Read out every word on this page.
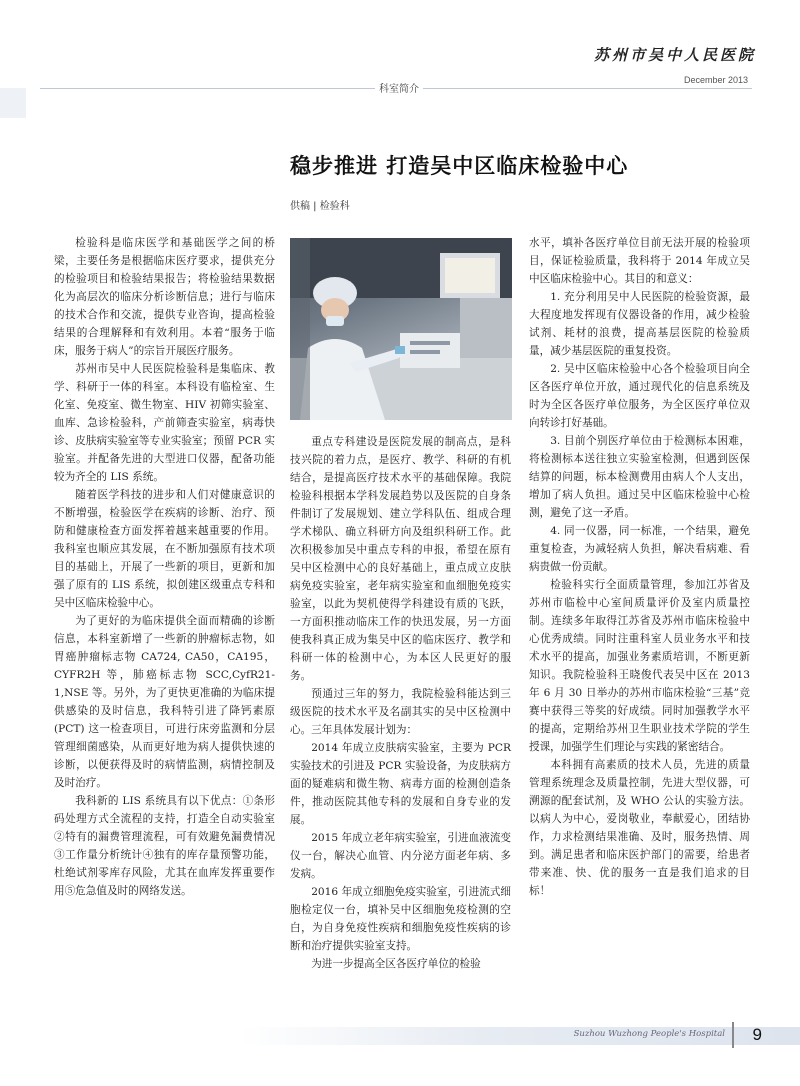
苏州市吴中人民医院
December 2013
科室简介
稳步推进 打造吴中区临床检验中心
供稿 | 检验科

检验科是临床医学和基础医学之间的桥梁，主要任务是根据临床医疗要求，提供充分的检验项目和检验结果报告；将检验结果数据化为高层次的临床分析诊断信息；进行与临床的技术合作和交流，提供专业咨询，提高检验结果的合理解释和有效利用。本着“服务于临床，服务于病人”的宗旨开展医疗服务。

苏州市吴中人民医院检验科是集临床、教学、科研于一体的科室。本科设有临检室、生化室、免疫室、微生物室、HIV 初筛实验室、血库、急诊检验科，产前筛查实验室，病毒快诊、皮肤病实验室等专业实验室；预留 PCR 实验室。并配备先进的大型进口仪器，配备功能较为齐全的 LIS 系统。

随着医学科技的进步和人们对健康意识的不断增强，检验医学在疾病的诊断、治疗、预防和健康检查方面发挥着越来越重要的作用。我科室也顺应其发展，在不断加强原有技术项目的基础上，开展了一些新的项目，更新和加强了原有的 LIS 系统，拟创建区级重点专科和吴中区临床检验中心。

为了更好的为临床提供全面而精确的诊断信息，本科室新增了一些新的肿瘤标志物，如胃癌肿瘤标志物 CA724, CA50，CA195，CYFR2H 等，肺癌标志物 SCC,CyfR21-1,NSE 等。另外，为了更快更准确的为临床提供感染的及时信息，我科特引进了降钙素原 (PCT) 这一检查项目，可进行床旁监测和分层管理细菌感染，从而更好地为病人提供快速的诊断，以便获得及时的病情监测，病情控制及及时治疗。

我科新的 LIS 系统具有以下优点：①条形码处理方式全流程的支持，打造全自动实验室②特有的漏费管理流程，可有效避免漏费情况③工作量分析统计④独有的库存量预警功能，杜绝试剂零库存风险，尤其在血库发挥重要作用⑤危急值及时的网络发送。

重点专科建设是医院发展的制高点，是科技兴院的着力点，是医疗、教学、科研的有机结合，是提高医疗技术水平的基础保障。我院检验科根据本学科发展趋势以及医院的自身条件制订了发展规划、建立学科队伍、组成合理学术梯队、确立科研方向及组织科研工作。此次积极参加吴中重点专科的申报，希望在原有吴中区检测中心的良好基础上，重点成立皮肤病免疫实验室，老年病实验室和血细胞免疫实验室，以此为契机使得学科建设有质的飞跃，一方面积推动临床工作的快迅发展，另一方面使我科真正成为集吴中区的临床医疗、教学和科研一体的检测中心，为本区人民更好的服务。

预通过三年的努力，我院检验科能达到三级医院的技术水平及名副其实的吴中区检测中心。三年具体发展计划为：

2014 年成立皮肤病实验室，主要为 PCR 实验技术的引进及 PCR 实验设备，为皮肤病方面的疑难病和微生物、病毒方面的检测创造条件，推动医院其他专科的发展和自身专业的发展。

2015 年成立老年病实验室，引进血液流变仪一台，解决心血管、内分泌方面老年病、多发病。

2016 年成立细胞免疫实验室，引进流式细胞检定仪一台，填补吴中区细胞免疫检测的空白，为自身免疫性疾病和细胞免疫性疾病的诊断和治疗提供实验室支持。

为进一步提高全区各医疗单位的检验

水平，填补各医疗单位目前无法开展的检验项目，保证检验质量，我科将于 2014 年成立吴中区临床检验中心。其目的和意义：

1. 充分利用吴中人民医院的检验资源，最大程度地发挥现有仪器设备的作用，减少检验试剂、耗材的浪费，提高基层医院的检验质量，减少基层医院的重复投资。

2. 吴中区临床检验中心各个检验项目向全区各医疗单位开放，通过现代化的信息系统及时为全区各医疗单位服务，为全区医疗单位双向转诊打好基础。

3. 目前个别医疗单位由于检测标本困难，将检测标本送往独立实验室检测，但遇到医保结算的问题，标本检测费用由病人个人支出，增加了病人负担。通过吴中区临床检验中心检测，避免了这一矛盾。

4. 同一仪器，同一标准，一个结果，避免重复检查，为减轻病人负担，解决看病难、看病贵做一份贡献。

检验科实行全面质量管理，参加江苏省及苏州市临检中心室间质量评价及室内质量控制。连续多年取得江苏省及苏州市临床检验中心优秀成绩。同时注重科室人员业务水平和技术水平的提高，加强业务素质培训，不断更新知识。我院检验科王晓俊代表吴中区在 2013 年 6 月 30 日举办的苏州市临床检验“三基”竞赛中获得三等奖的好成绩。同时加强教学水平的提高，定期给苏州卫生职业技术学院的学生授课，加强学生们理论与实践的紧密结合。

本科拥有高素质的技术人员，先进的质量管理系统理念及质量控制，先进大型仪器，可溯源的配套试剂，及 WHO 公认的实验方法。以病人为中心，爱岗敬业，奉献爱心，团结协作，力求检测结果准确、及时，服务热情、周到。满足患者和临床医护部门的需要，给患者带来准、快、优的服务一直是我们追求的目标！

Suzhou Wuzhong People's Hospital	9
